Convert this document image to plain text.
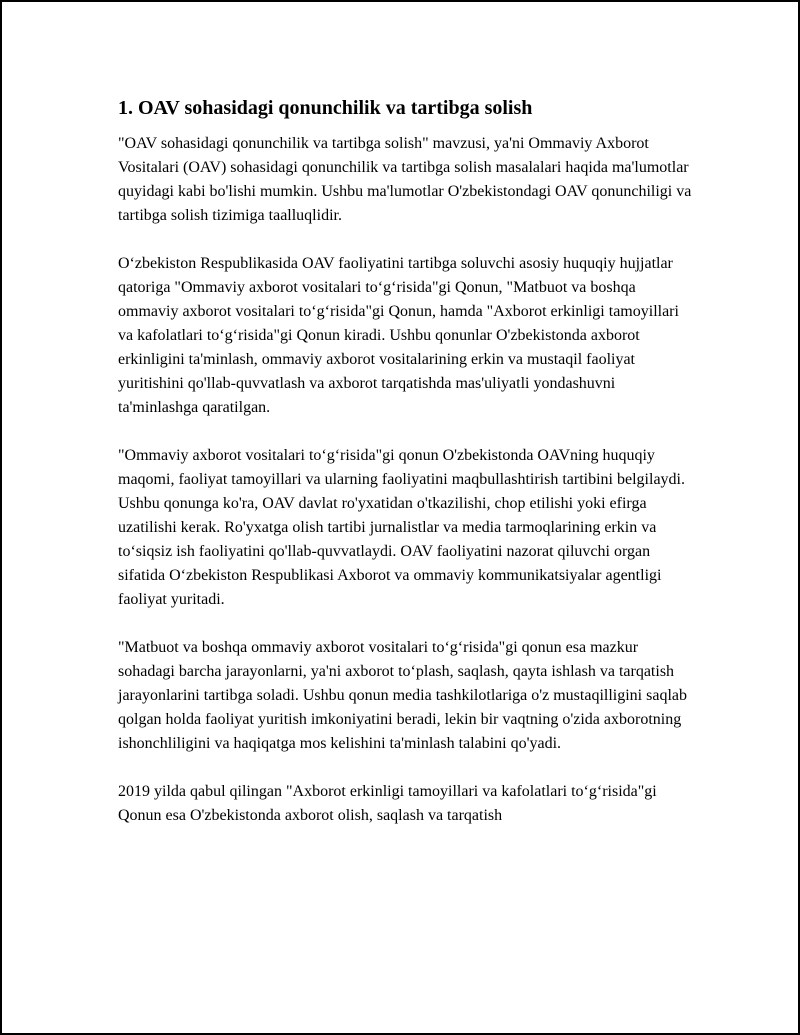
1. OAV sohasidagi qonunchilik va tartibga solish

"OAV sohasidagi qonunchilik va tartibga solish" mavzusi, ya'ni Ommaviy Axborot Vositalari (OAV) sohasidagi qonunchilik va tartibga solish masalalari haqida ma'lumotlar quyidagi kabi bo'lishi mumkin. Ushbu ma'lumotlar O'zbekistondagi OAV qonunchiligi va tartibga solish tizimiga taalluqlidir.

O‘zbekiston Respublikasida OAV faoliyatini tartibga soluvchi asosiy huquqiy hujjatlar qatoriga "Ommaviy axborot vositalari to‘g‘risida"gi Qonun, "Matbuot va boshqa ommaviy axborot vositalari to‘g‘risida"gi Qonun, hamda "Axborot erkinligi tamoyillari va kafolatlari to‘g‘risida"gi Qonun kiradi. Ushbu qonunlar O'zbekistonda axborot erkinligini ta'minlash, ommaviy axborot vositalarining erkin va mustaqil faoliyat yuritishini qo'llab-quvvatlash va axborot tarqatishda mas'uliyatli yondashuvni ta'minlashga qaratilgan.

"Ommaviy axborot vositalari to‘g‘risida"gi qonun O'zbekistonda OAVning huquqiy maqomi, faoliyat tamoyillari va ularning faoliyatini maqbullashtirish tartibini belgilaydi. Ushbu qonunga ko'ra, OAV davlat ro'yxatidan o'tkazilishi, chop etilishi yoki efirga uzatilishi kerak. Ro'yxatga olish tartibi jurnalistlar va media tarmoqlarining erkin va to‘siqsiz ish faoliyatini qo'llab-quvvatlaydi. OAV faoliyatini nazorat qiluvchi organ sifatida O‘zbekiston Respublikasi Axborot va ommaviy kommunikatsiyalar agentligi faoliyat yuritadi.

"Matbuot va boshqa ommaviy axborot vositalari to‘g‘risida"gi qonun esa mazkur sohadagi barcha jarayonlarni, ya'ni axborot to‘plash, saqlash, qayta ishlash va tarqatish jarayonlarini tartibga soladi. Ushbu qonun media tashkilotlariga o'z mustaqilligini saqlab qolgan holda faoliyat yuritish imkoniyatini beradi, lekin bir vaqtning o'zida axborotning ishonchliligini va haqiqatga mos kelishini ta'minlash talabini qo'yadi.

2019 yilda qabul qilingan "Axborot erkinligi tamoyillari va kafolatlari to‘g‘risida"gi Qonun esa O'zbekistonda axborot olish, saqlash va tarqatish
